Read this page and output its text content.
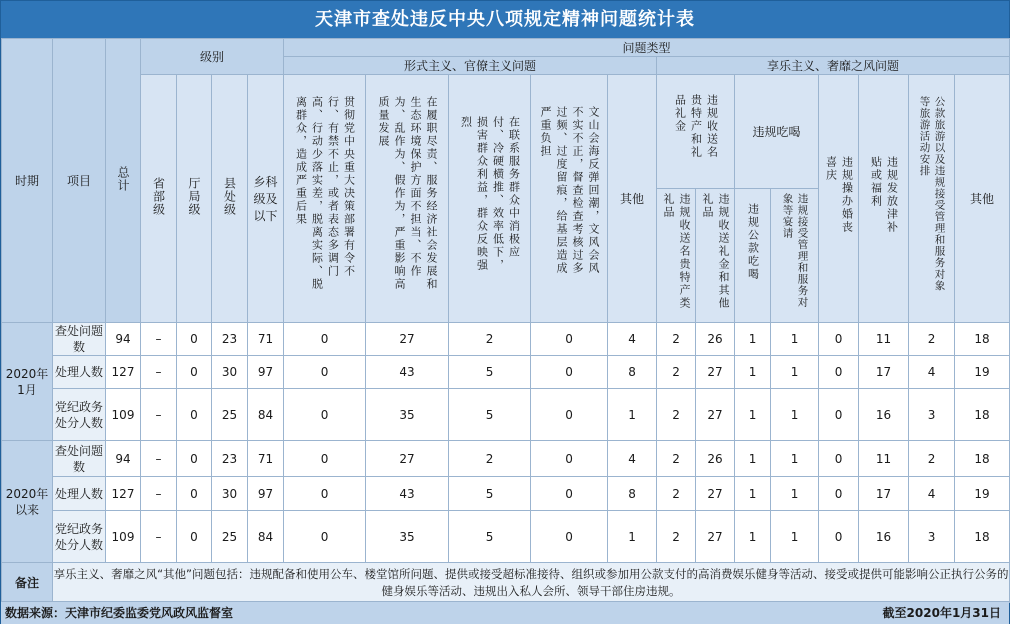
天津市查处违反中央八项规定精神问题统计表
时期	项目	总计	级别				问题类型												
							形式主义、官僚主义问题					享乐主义、奢靡之风问题							
			省部级	厅局级	县处级	乡科级及以下	贯彻党中央重大决策部署有令不行、有禁不止，或者表态多调门高、行动少落实差，脱离实际、脱离群众，造成严重后果	在履职尽责、服务经济社会发展和生态环境保护方面不担当、不作为、乱作为、假作为，严重影响高质量发展	在联系服务群众中消极应付、冷硬横推、效率低下，损害群众利益，群众反映强烈	文山会海反弹回潮，文风会风不实不正，督查检查考核过多过频、过度留痕，给基层造成严重负担	其他	违规收送名贵特产和礼品礼金		违规吃喝		违规操办婚丧喜庆	违规发放津补贴或福利	公款旅游以及违规接受管理和服务对象等旅游活动安排	其他
												违规收送名贵特产类礼品	违规收送礼金和其他礼品	违规公款吃喝	违规接受管理和服务对象等宴请				
2020年1月	查处问题数	94	–	0	23	71	0	27	2	0	4	2	26	1	1	0	11	2	18
	处理人数	127	–	0	30	97	0	43	5	0	8	2	27	1	1	0	17	4	19
	党纪政务处分人数	109	–	0	25	84	0	35	5	0	1	2	27	1	1	0	16	3	18
2020年以来	查处问题数	94	–	0	23	71	0	27	2	0	4	2	26	1	1	0	11	2	18
	处理人数	127	–	0	30	97	0	43	5	0	8	2	27	1	1	0	17	4	19
	党纪政务处分人数	109	–	0	25	84	0	35	5	0	1	2	27	1	1	0	16	3	18
备注	享乐主义、奢靡之风“其他”问题包括：违规配备和使用公车、楼堂馆所问题、提供或接受超标准接待、组织或参加用公款支付的高消费娱乐健身等活动、接受或提供可能影响公正执行公务的健身娱乐等活动、违规出入私人会所、领导干部住房违规。																		
数据来源：天津市纪委监委党风政风监督室	截至2020年1月31日
